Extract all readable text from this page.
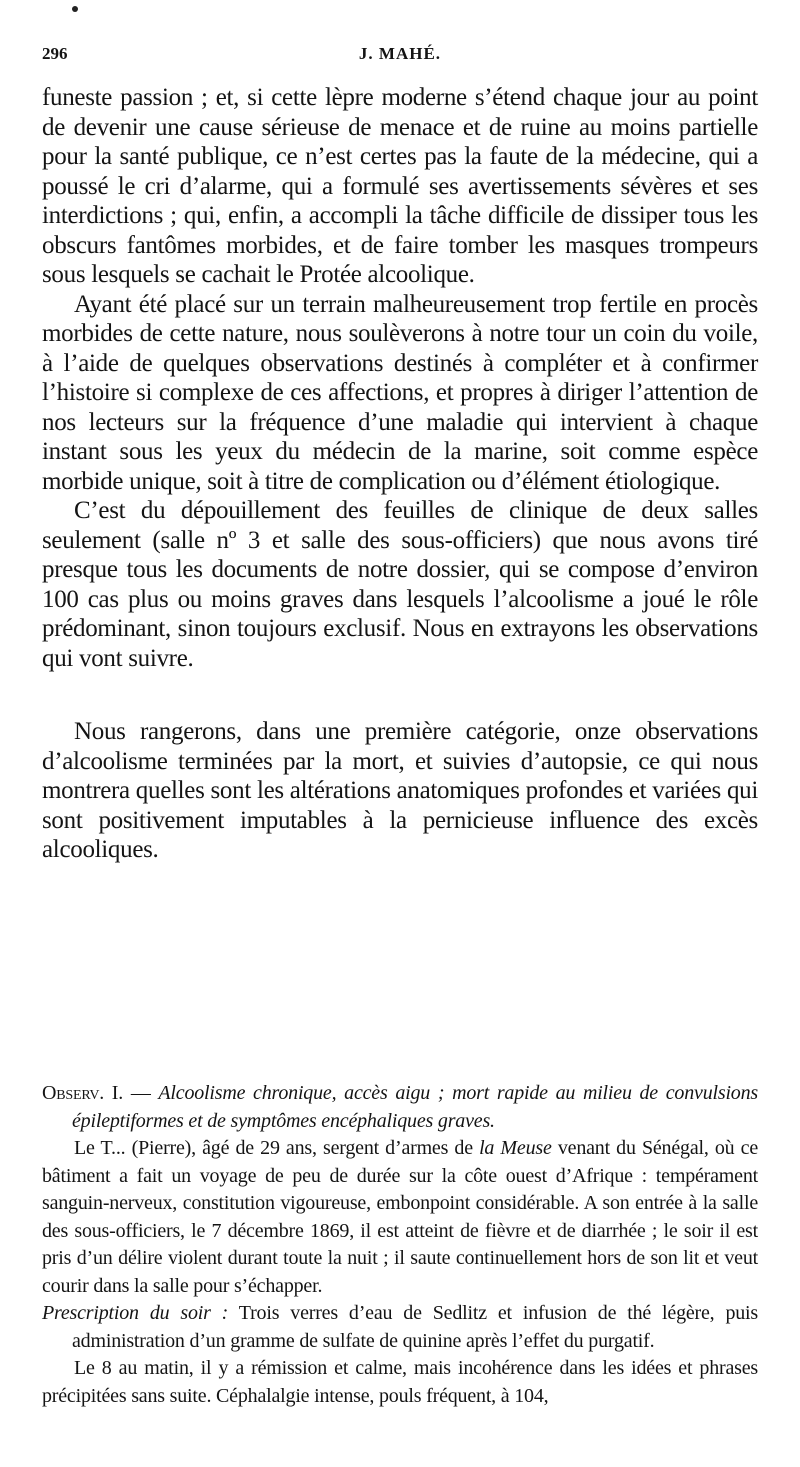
296	J. MAHÉ.

funeste passion ; et, si cette lèpre moderne s’étend chaque jour au point de devenir une cause sérieuse de menace et de ruine au moins partielle pour la santé publique, ce n’est certes pas la faute de la médecine, qui a poussé le cri d’alarme, qui a formulé ses avertissements sévères et ses interdictions ; qui, enfin, a accompli la tâche difficile de dissiper tous les obscurs fantômes morbides, et de faire tomber les masques trompeurs sous lesquels se cachait le Protée alcoolique.

Ayant été placé sur un terrain malheureusement trop fertile en procès morbides de cette nature, nous soulèverons à notre tour un coin du voile, à l’aide de quelques observations destinés à compléter et à confirmer l’histoire si complexe de ces affections, et propres à diriger l’attention de nos lecteurs sur la fréquence d’une maladie qui intervient à chaque instant sous les yeux du médecin de la marine, soit comme espèce morbide unique, soit à titre de complication ou d’élément étiologique.

C’est du dépouillement des feuilles de clinique de deux salles seulement (salle nº 3 et salle des sous-officiers) que nous avons tiré presque tous les documents de notre dossier, qui se compose d’environ 100 cas plus ou moins graves dans lesquels l’alcoolisme a joué le rôle prédominant, sinon toujours exclusif. Nous en extrayons les observations qui vont suivre.

Nous rangerons, dans une première catégorie, onze observations d’alcoolisme terminées par la mort, et suivies d’autopsie, ce qui nous montrera quelles sont les altérations anatomiques profondes et variées qui sont positivement imputables à la pernicieuse influence des excès alcooliques.

Observ. I. — Alcoolisme chronique, accès aigu ; mort rapide au milieu de convulsions épileptiformes et de symptômes encéphaliques graves.

Le T... (Pierre), âgé de 29 ans, sergent d’armes de la Meuse venant du Sénégal, où ce bâtiment a fait un voyage de peu de durée sur la côte ouest d’Afrique : tempérament sanguin-nerveux, constitution vigoureuse, embonpoint considérable. A son entrée à la salle des sous-officiers, le 7 décembre 1869, il est atteint de fièvre et de diarrhée ; le soir il est pris d’un délire violent durant toute la nuit ; il saute continuellement hors de son lit et veut courir dans la salle pour s’échapper.

Prescription du soir : Trois verres d’eau de Sedlitz et infusion de thé légère, puis administration d’un gramme de sulfate de quinine après l’effet du purgatif.

Le 8 au matin, il y a rémission et calme, mais incohérence dans les idées et phrases précipitées sans suite. Céphalalgie intense, pouls fréquent, à 104,
